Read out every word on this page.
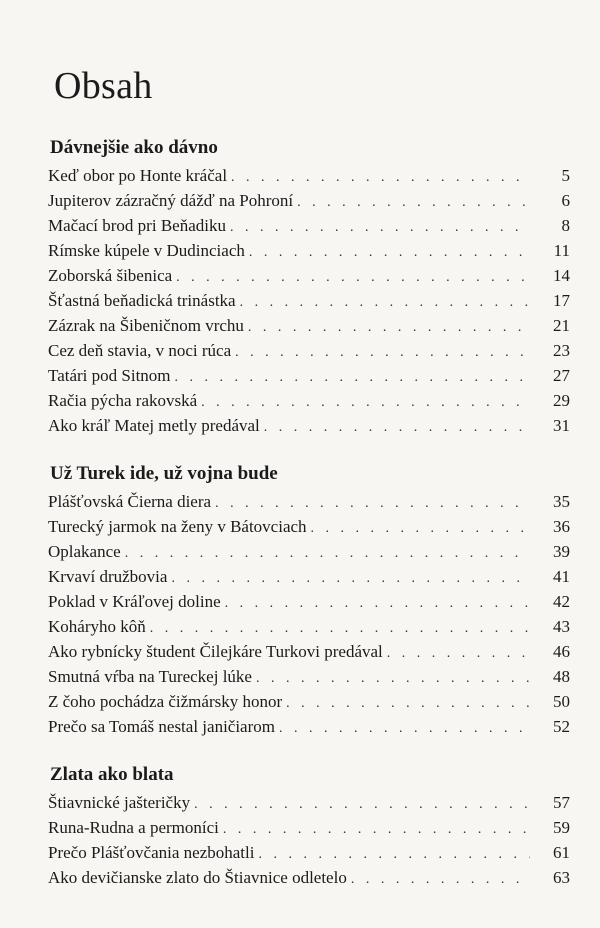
Obsah
Dávnejšie ako dávno
Keď obor po Honte kráčal . . .	5
Jupiterov zázračný dážď na Pohroní . . .	6
Mačací brod pri Beňadiku . . .	8
Rímske kúpele v Dudinciach . . .	11
Zoborská šibenica . . .	14
Šťastná beňadická trinástka . . .	17
Zázrak na Šibeničnom vrchu . . .	21
Cez deň stavia, v noci rúca . . .	23
Tatári pod Sitnom . . .	27
Račia pýcha rakovská . . .	29
Ako kráľ Matej metly predával . . .	31
Už Turek ide, už vojna bude
Plášťovská Čierna diera . . .	35
Turecký jarmok na ženy v Bátovciach . . .	36
Oplakance . . .	39
Krvaví družbovia . . .	41
Poklad v Kráľovej doline . . .	42
Koháryho kôň . . .	43
Ako rybnícky študent Čilejkáre Turkovi predával . . .	46
Smutná vŕba na Tureckej lúke . . .	48
Z čoho pochádza čižmársky honor . . .	50
Prečo sa Tomáš nestal janičiarom . . .	52
Zlata ako blata
Štiavnické jašteričky . . .	57
Runa-Rudna a permoníci . . .	59
Prečo Plášťovčania nezbohatli . . .	61
Ako devičianske zlato do Štiavnice odletelo . . .	63
